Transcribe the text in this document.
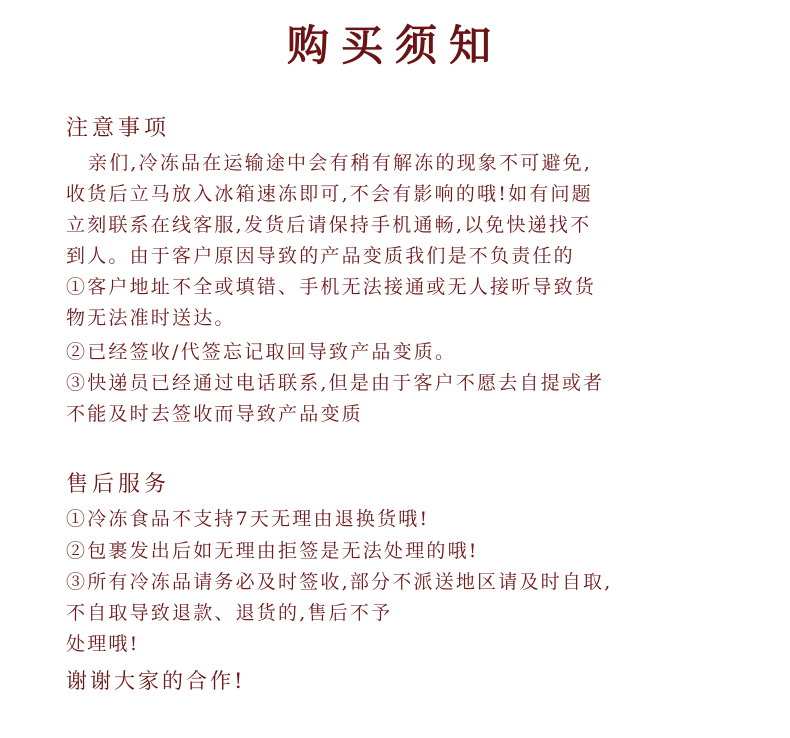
购买须知
注意事项
亲们,冷冻品在运输途中会有稍有解冻的现象不可避免,
收货后立马放入冰箱速冻即可,不会有影响的哦!如有问题
立刻联系在线客服,发货后请保持手机通畅,以免快递找不
到人。由于客户原因导致的产品变质我们是不负责任的
①客户地址不全或填错、手机无法接通或无人接听导致货
物无法准时送达。
②已经签收/代签忘记取回导致产品变质。
③快递员已经通过电话联系,但是由于客户不愿去自提或者
不能及时去签收而导致产品变质
售后服务
①冷冻食品不支持7天无理由退换货哦!
②包裹发出后如无理由拒签是无法处理的哦!
③所有冷冻品请务必及时签收,部分不派送地区请及时自取,
不自取导致退款、退货的,售后不予
处理哦!
谢谢大家的合作!
